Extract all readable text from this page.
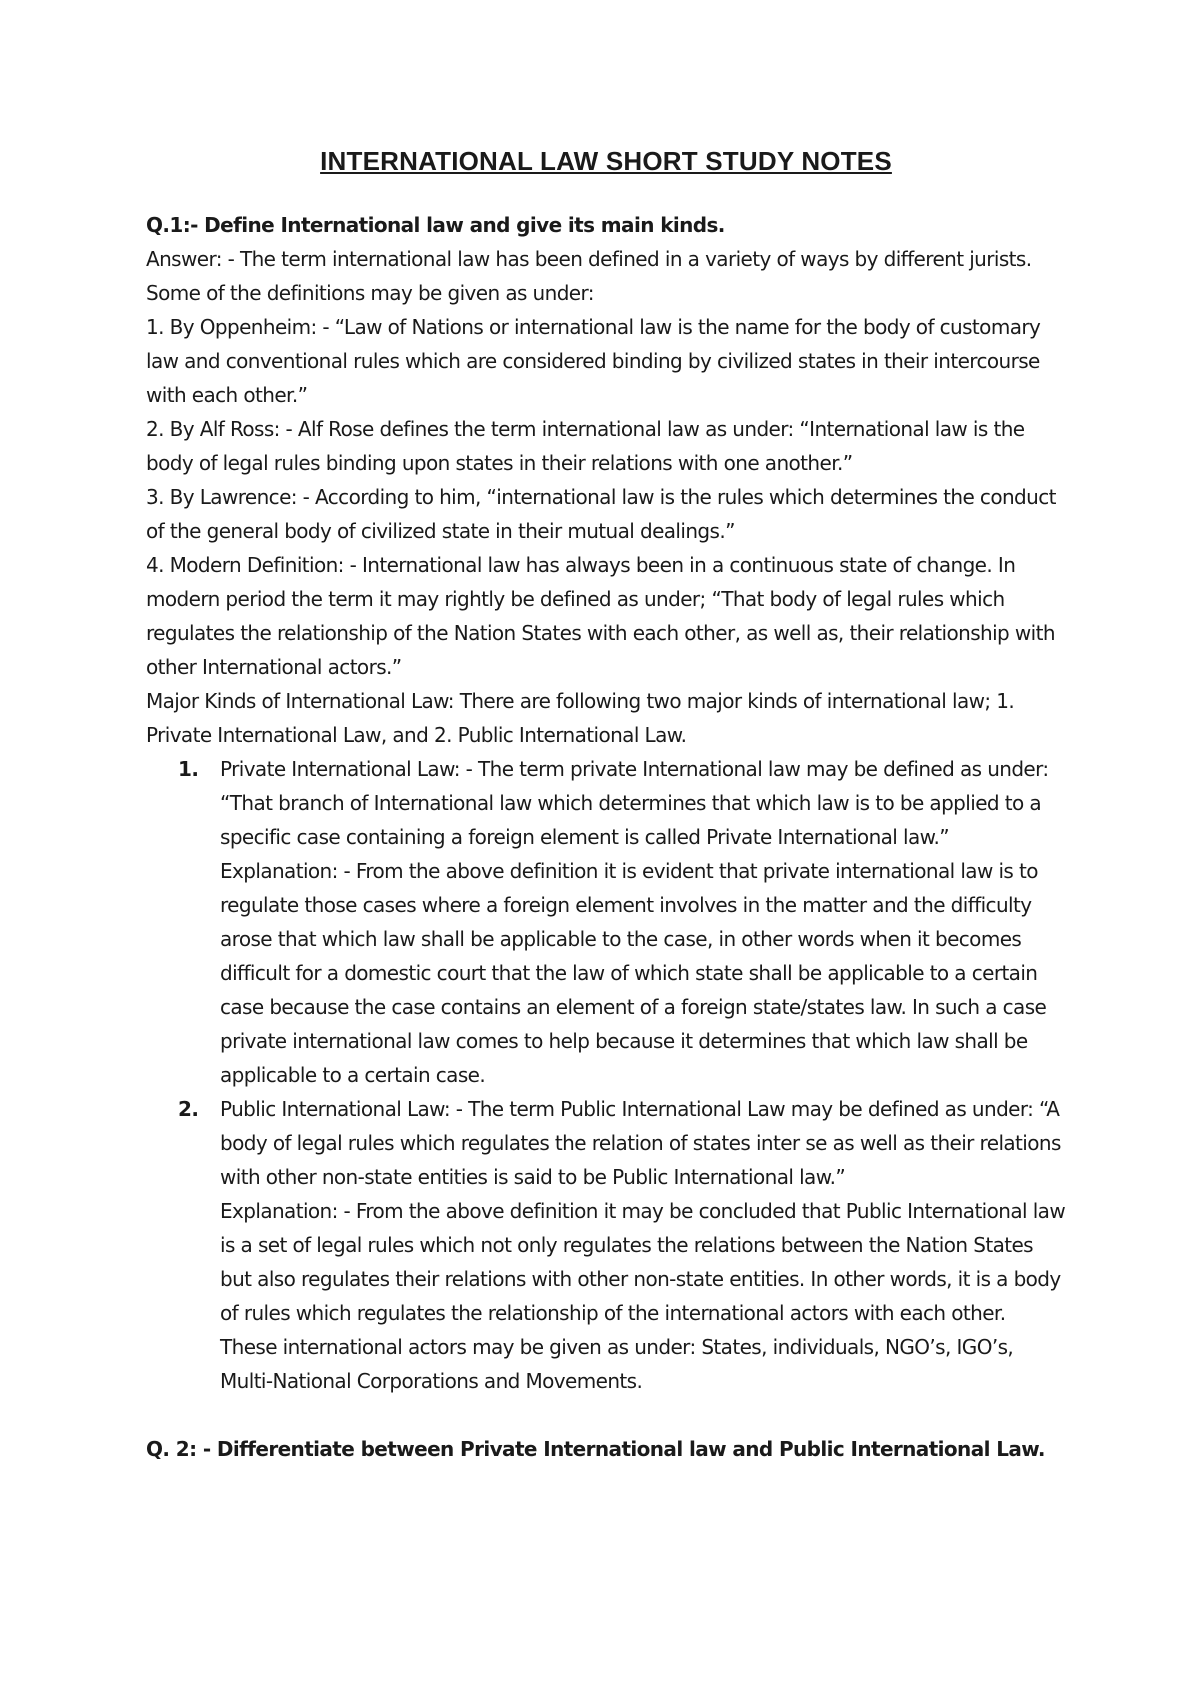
INTERNATIONAL LAW SHORT STUDY NOTES

Q.1:- Define International law and give its main kinds.

Answer: - The term international law has been defined in a variety of ways by different jurists. Some of the definitions may be given as under:

1. By Oppenheim: - “Law of Nations or international law is the name for the body of customary law and conventional rules which are considered binding by civilized states in their intercourse with each other.”

2. By Alf Ross: - Alf Rose defines the term international law as under: “International law is the body of legal rules binding upon states in their relations with one another.”

3. By Lawrence: - According to him, “international law is the rules which determines the conduct of the general body of civilized state in their mutual dealings.”

4. Modern Definition: - International law has always been in a continuous state of change. In modern period the term it may rightly be defined as under; “That body of legal rules which regulates the relationship of the Nation States with each other, as well as, their relationship with other International actors.”

Major Kinds of International Law: There are following two major kinds of international law; 1. Private International Law, and 2. Public International Law.

1. Private International Law: - The term private International law may be defined as under: “That branch of International law which determines that which law is to be applied to a specific case containing a foreign element is called Private International law.”

Explanation: - From the above definition it is evident that private international law is to regulate those cases where a foreign element involves in the matter and the difficulty arose that which law shall be applicable to the case, in other words when it becomes difficult for a domestic court that the law of which state shall be applicable to a certain case because the case contains an element of a foreign state/states law. In such a case private international law comes to help because it determines that which law shall be applicable to a certain case.

2. Public International Law: - The term Public International Law may be defined as under: “A body of legal rules which regulates the relation of states inter se as well as their relations with other non-state entities is said to be Public International law.”

Explanation: - From the above definition it may be concluded that Public International law is a set of legal rules which not only regulates the relations between the Nation States but also regulates their relations with other non-state entities. In other words, it is a body of rules which regulates the relationship of the international actors with each other. These international actors may be given as under: States, individuals, NGO’s, IGO’s, Multi-National Corporations and Movements.

Q. 2: - Differentiate between Private International law and Public International Law.
